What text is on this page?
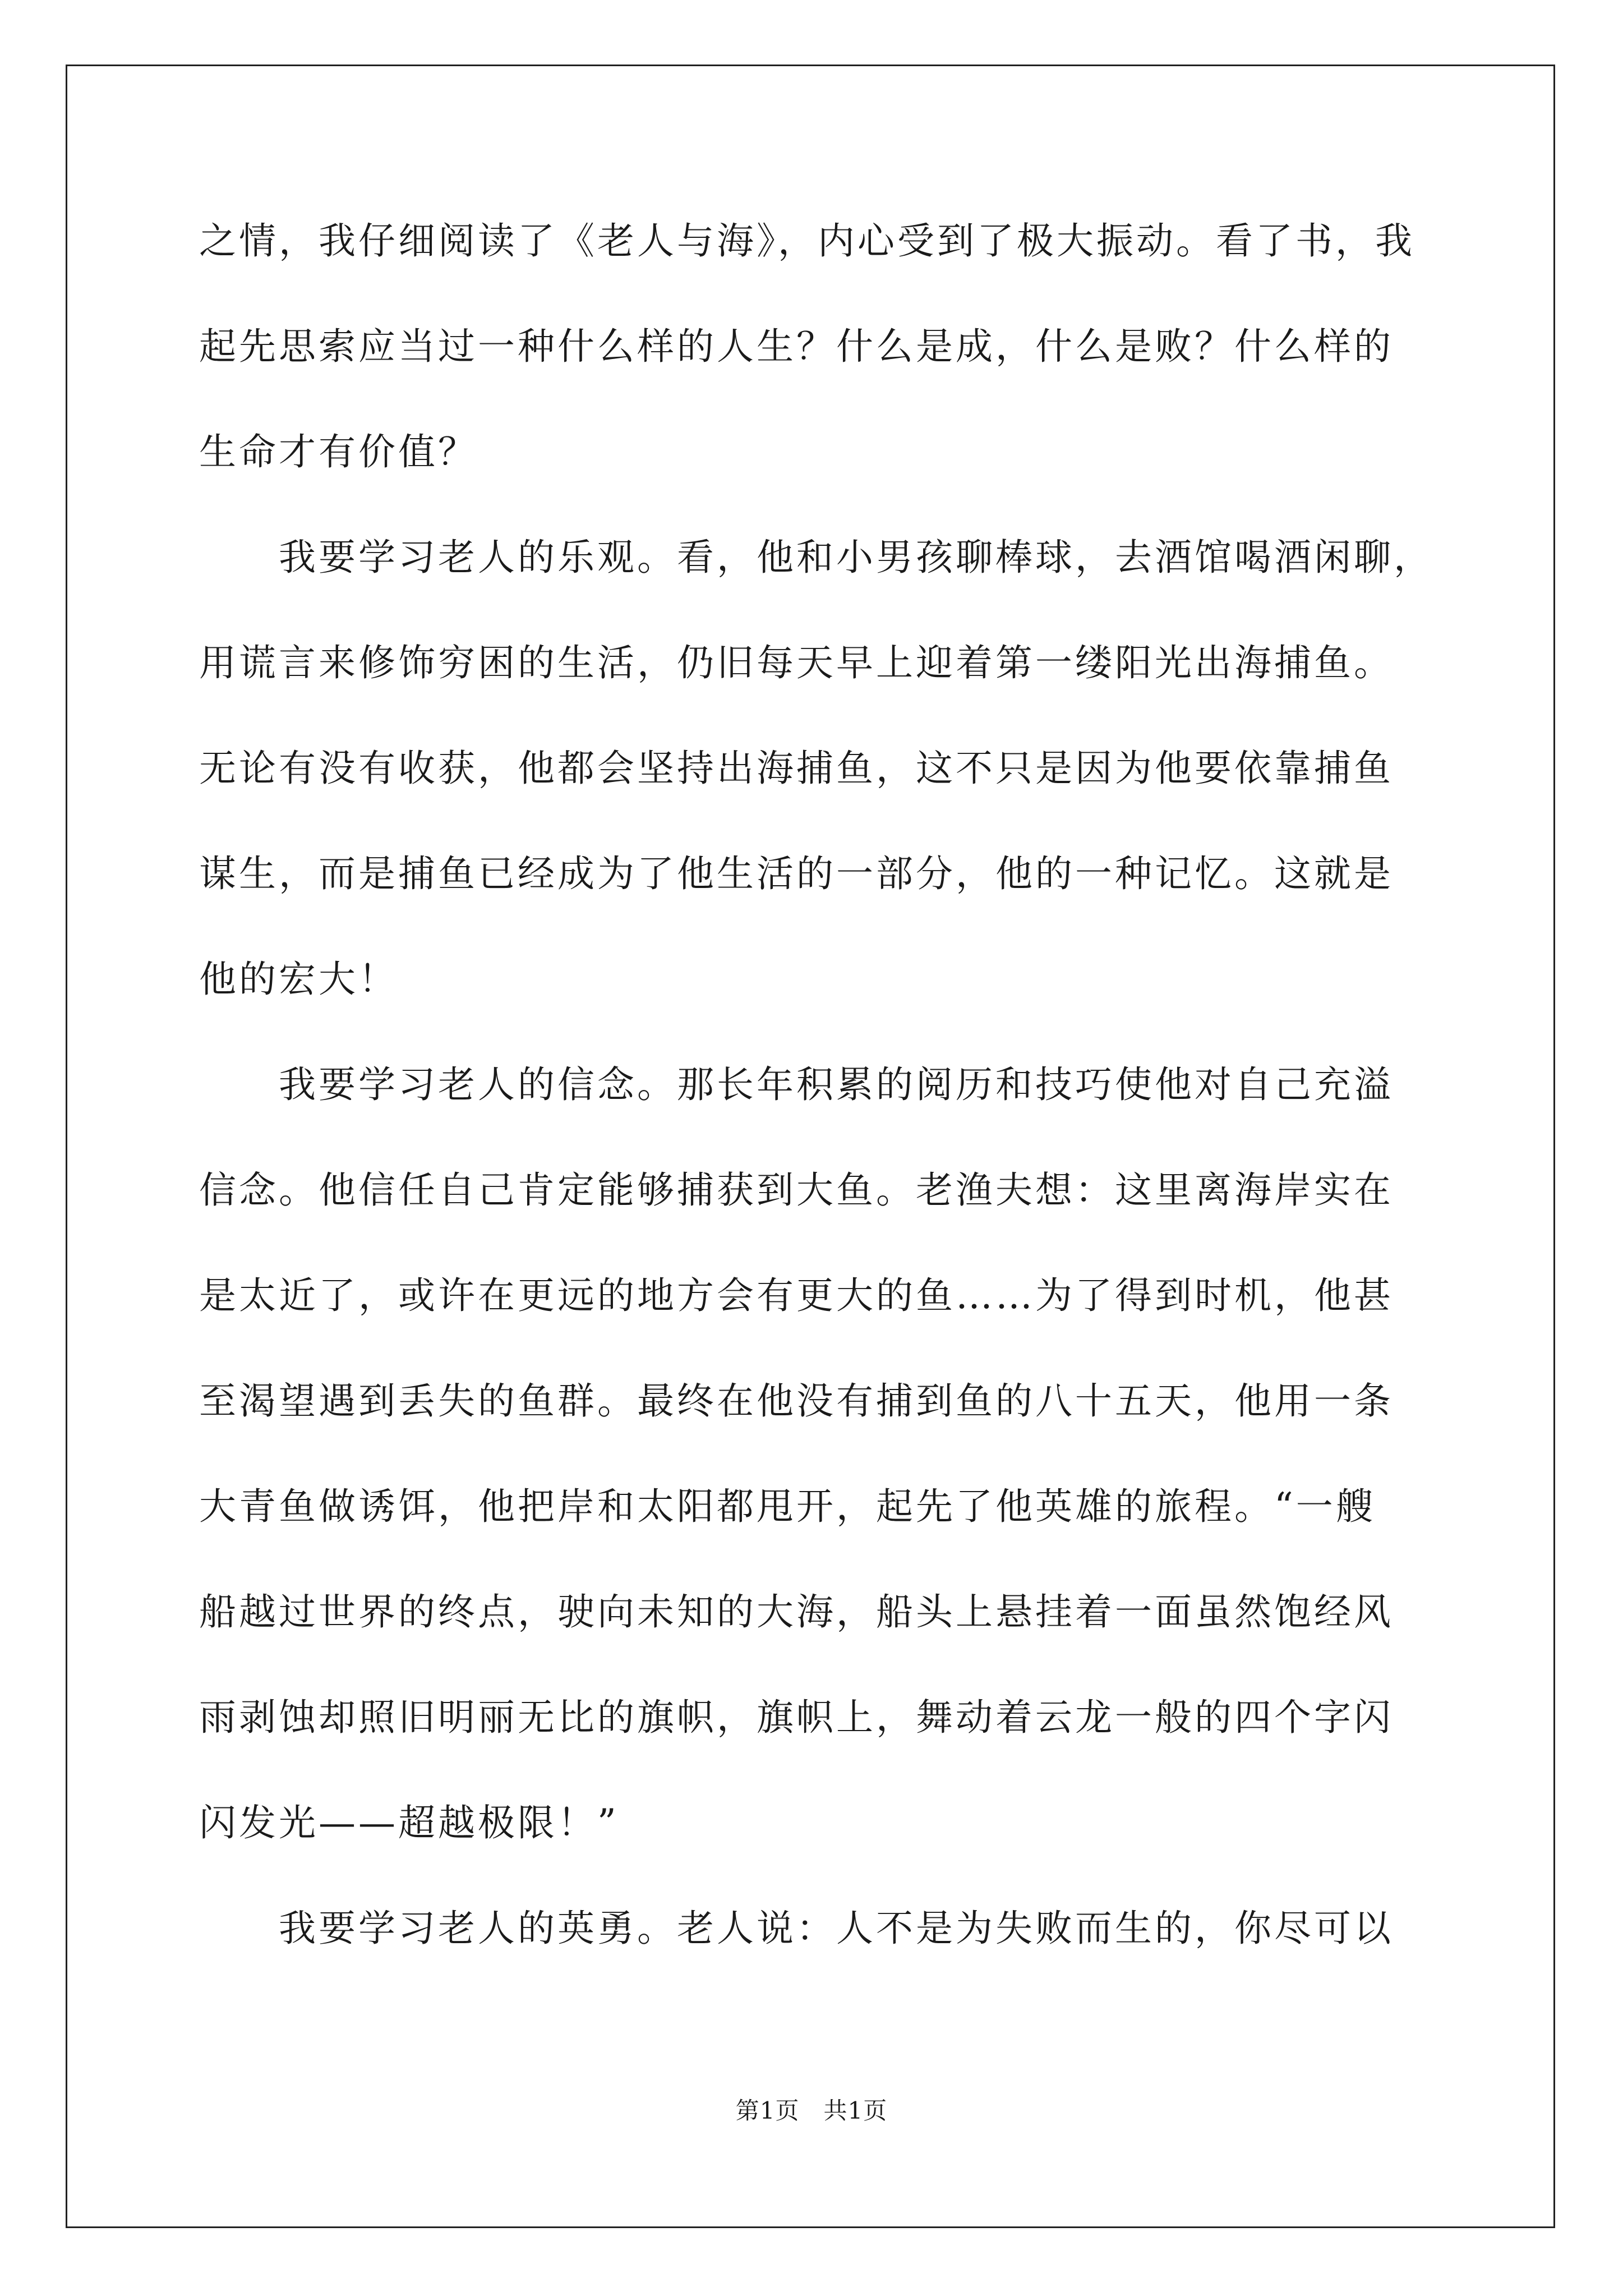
之情，我仔细阅读了《老人与海》，内心受到了极大振动。看了书，我
起先思索应当过一种什么样的人生？什么是成，什么是败？什么样的
生命才有价值？
　　我要学习老人的乐观。看，他和小男孩聊棒球，去酒馆喝酒闲聊，
用谎言来修饰穷困的生活，仍旧每天早上迎着第一缕阳光出海捕鱼。
无论有没有收获，他都会坚持出海捕鱼，这不只是因为他要依靠捕鱼
谋生，而是捕鱼已经成为了他生活的一部分，他的一种记忆。这就是
他的宏大！
　　我要学习老人的信念。那长年积累的阅历和技巧使他对自己充溢
信念。他信任自己肯定能够捕获到大鱼。老渔夫想：这里离海岸实在
是太近了，或许在更远的地方会有更大的鱼……为了得到时机，他甚
至渴望遇到丢失的鱼群。最终在他没有捕到鱼的八十五天，他用一条
大青鱼做诱饵，他把岸和太阳都甩开，起先了他英雄的旅程。“一艘
船越过世界的终点，驶向未知的大海，船头上悬挂着一面虽然饱经风
雨剥蚀却照旧明丽无比的旗帜，旗帜上，舞动着云龙一般的四个字闪
闪发光——超越极限！”
　　我要学习老人的英勇。老人说：人不是为失败而生的，你尽可以
第1页　共1页
